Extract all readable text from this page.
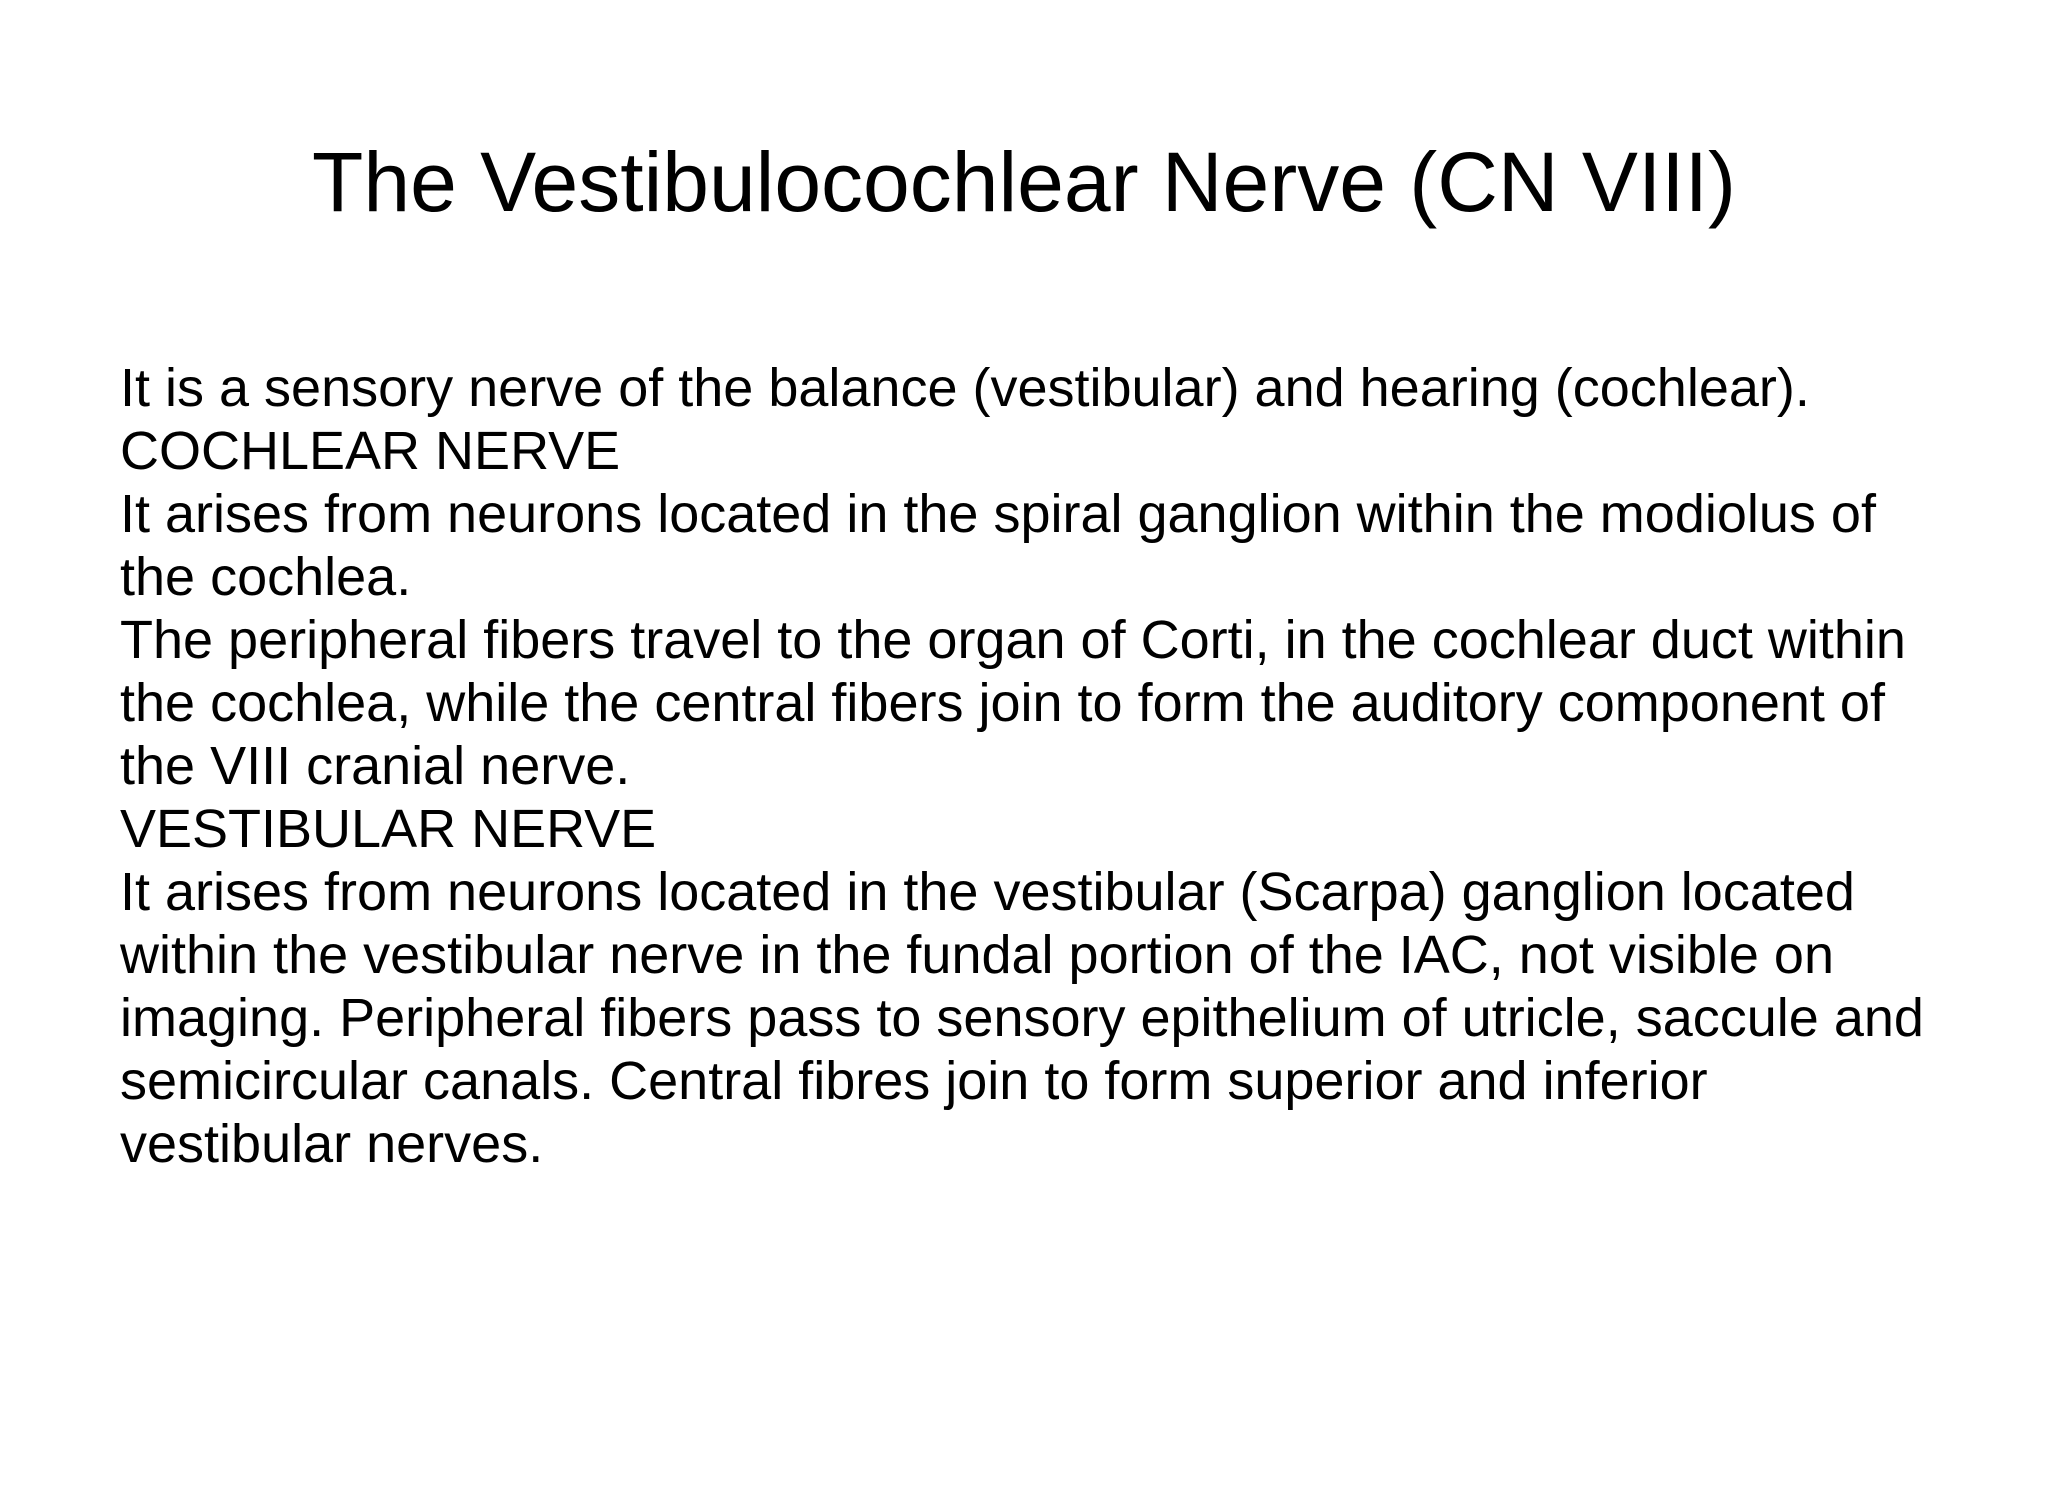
The Vestibulocochlear Nerve (CN VIII)

It is a sensory nerve of the balance (vestibular) and hearing (cochlear).

COCHLEAR NERVE

It arises from neurons located in the spiral ganglion within the modiolus of the cochlea.

The peripheral fibers travel to the organ of Corti, in the cochlear duct within the cochlea, while the central fibers join to form the auditory component of the VIII cranial nerve.

VESTIBULAR NERVE

It arises from neurons located in the vestibular (Scarpa) ganglion located within the vestibular nerve in the fundal portion of the IAC, not visible on imaging. Peripheral fibers pass to sensory epithelium of utricle, saccule and semicircular canals. Central fibres join to form superior and inferior vestibular nerves.
